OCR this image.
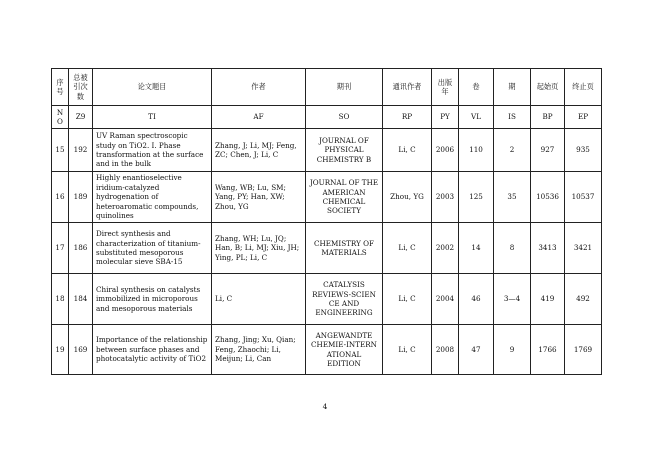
序号	总被引次数	论文题目	作者	期刊	通讯作者	出版年	卷	期	起始页	终止页
N O	Z9	TI	AF	SO	RP	PY	VL	IS	BP	EP
15	192	UV Raman spectroscopic study on TiO2. I. Phase transformation at the surface and in the bulk	Zhang, J; Li, MJ; Feng, ZC; Chen, J; Li, C	JOURNAL OF PHYSICAL CHEMISTRY B	Li, C	2006	110	2	927	935
16	189	Highly enantioselective iridium-catalyzed hydrogenation of heteroaromatic compounds, quinolines	Wang, WB; Lu, SM; Yang, PY; Han, XW; Zhou, YG	JOURNAL OF THE AMERICAN CHEMICAL SOCIETY	Zhou, YG	2003	125	35	10536	10537
17	186	Direct synthesis and characterization of titanium-substituted mesoporous molecular sieve SBA-15	Zhang, WH; Lu, JQ; Han, B; Li, MJ; Xiu, JH; Ying, PL; Li, C	CHEMISTRY OF MATERIALS	Li, C	2002	14	8	3413	3421
18	184	Chiral synthesis on catalysts immobilized in microporous and mesoporous materials	Li, C	CATALYSIS REVIEWS-SCIEN CE AND ENGINEERING	Li, C	2004	46	3—4	419	492
19	169	Importance of the relationship between surface phases and photocatalytic activity of TiO2	Zhang, Jing; Xu, Qian; Feng, Zhaochi; Li, Meijun; Li, Can	ANGEWANDTE CHEMIE-INTERN ATIONAL EDITION	Li, C	2008	47	9	1766	1769
4
